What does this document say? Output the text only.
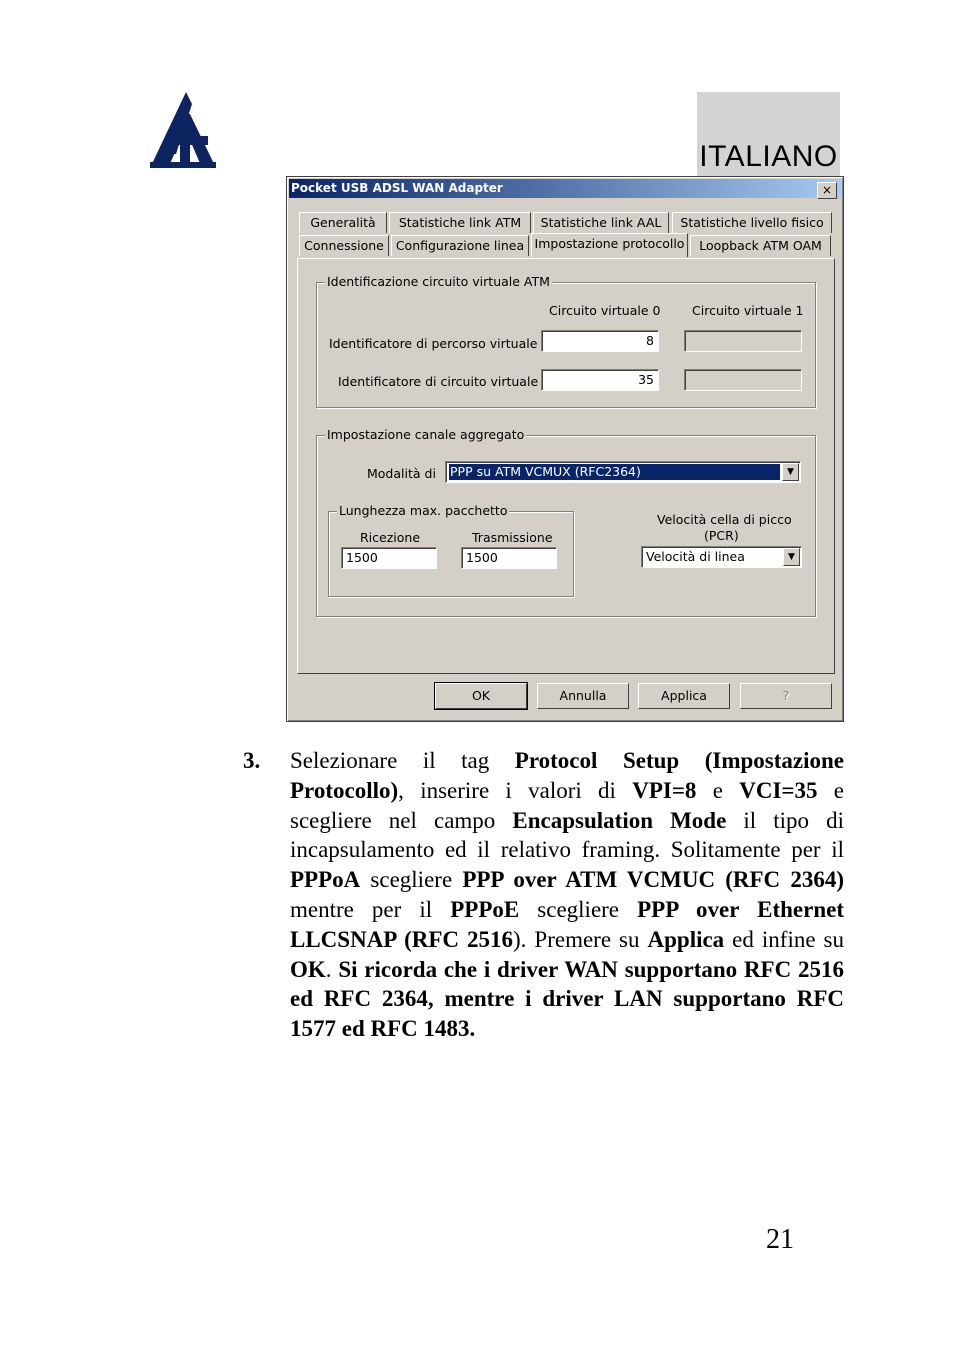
ITALIANO
Pocket USB ADSL WAN Adapter	×
Generalità	Statistiche link ATM	Statistiche link AAL	Statistiche livello fisico
Connessione Configurazione linea Impostazione protocollo	Loopback ATM OAM
Identificazione circuito virtuale ATM
Circuito virtuale 0	Circuito virtuale 1
Identificatore di percorso virtuale	8
Identificatore di circuito virtuale	35
Impostazione canale aggregato
Modalità di PPP su ATM VCMUX (RFC2364)	▼
Lunghezza max. pacchetto
Ricezione	Trasmissione
1500	1500
Velocità cella di picco
(PCR)
Velocità di linea	▼
OK	Annulla	Applica	?
3. Selezionare il tag Protocol Setup (Impostazione Protocollo), inserire i valori di VPI=8 e VCI=35 e scegliere nel campo Encapsulation Mode il tipo di incapsulamento ed il relativo framing. Solitamente per il PPPoA scegliere PPP over ATM VCMUC (RFC 2364) mentre per il PPPoE scegliere PPP over Ethernet LLCSNAP (RFC 2516). Premere su Applica ed infine su OK. Si ricorda che i driver WAN supportano RFC 2516 ed RFC 2364, mentre i driver LAN supportano RFC 1577 ed RFC 1483.
21
